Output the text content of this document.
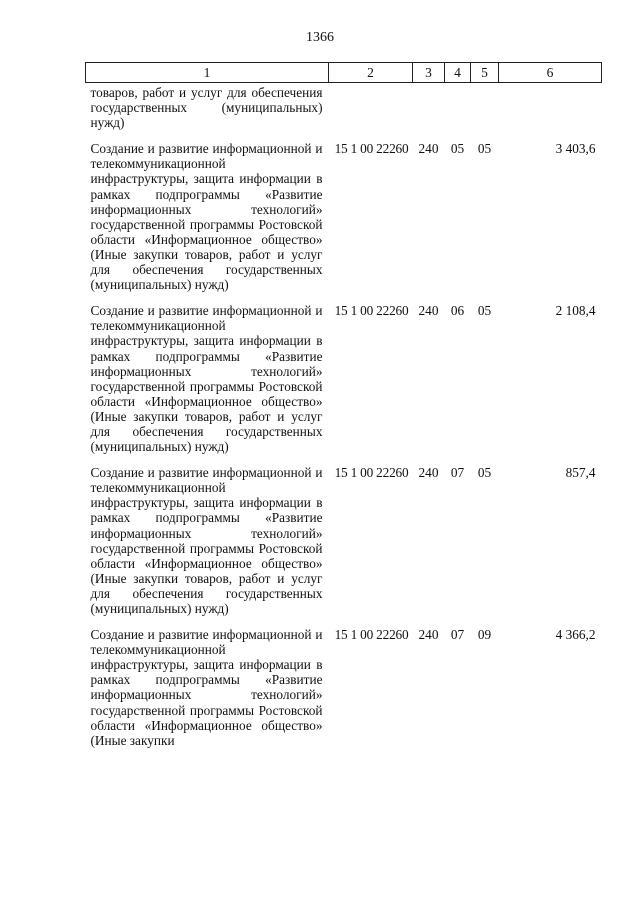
1366
1	2	3	4	5	6
товаров, работ и услуг для обеспечения государственных (муниципальных) нужд)					
Создание и развитие информационной и телекоммуникационной инфраструктуры, защита информации в рамках подпрограммы «Развитие информационных технологий» государственной программы Ростовской области «Информационное общество» (Иные закупки товаров, работ и услуг для обеспечения государственных (муниципальных) нужд)	15 1 00 22260	240	05	05	3 403,6
Создание и развитие информационной и телекоммуникационной инфраструктуры, защита информации в рамках подпрограммы «Развитие информационных технологий» государственной программы Ростовской области «Информационное общество» (Иные закупки товаров, работ и услуг для обеспечения государственных (муниципальных) нужд)	15 1 00 22260	240	06	05	2 108,4
Создание и развитие информационной и телекоммуникационной инфраструктуры, защита информации в рамках подпрограммы «Развитие информационных технологий» государственной программы Ростовской области «Информационное общество» (Иные закупки товаров, работ и услуг для обеспечения государственных (муниципальных) нужд)	15 1 00 22260	240	07	05	857,4
Создание и развитие информационной и телекоммуникационной инфраструктуры, защита информации в рамках подпрограммы «Развитие информационных технологий» государственной программы Ростовской области «Информационное общество» (Иные закупки	15 1 00 22260	240	07	09	4 366,2
